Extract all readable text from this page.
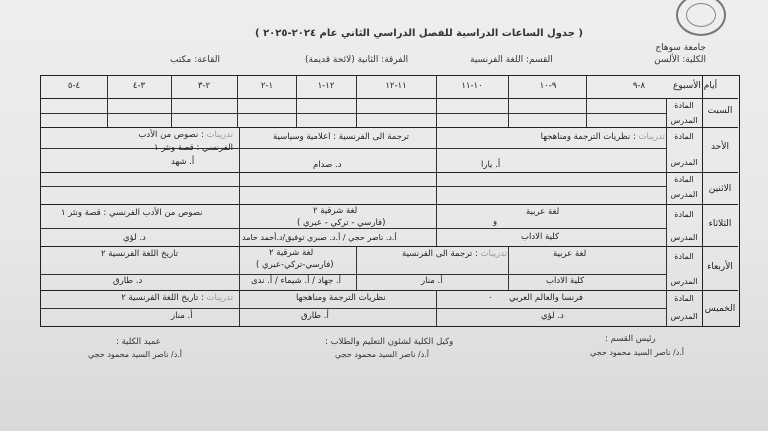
( جدول الساعات الدراسية للفصل الدراسي الثاني عام ٢٠٢٤-٢٠٢٥ )
جامعة سوهاج
الكلية: الألسن
القسم: اللغة الفرنسية
الفرقة: الثانية (لائحة قديمة)
القاعة: مكتب
٨-٩
٩-١٠
١٠-١١
١١-١٢
١٢-١
١-٢
٢-٣
٣-٤
٤-٥	أيام الأسبوع
السبت
الأحد
الاثنين
الثلاثاء
الأربعاء
الخميس
المادة
المدرس
المادة
المدرس
المادة
المدرس
المادة
المدرس
المادة
المدرس
المادة
المدرس
تدريبات : نظريات الترجمة ومناهجها
أ. يارا
ترجمة الى الفرنسية : اعلامية وسياسية
د. صدام
تدريبات : نصوص من الأدب
الفرنسي : قصة ونثر ١
أ. شهد
لغة عربية
و
كلية الاداب
لغة شرقية ٢
(فارسي - تركي - عبري )
أ.د. ناصر حجي / أ.د. صبري توفيق/د.أحمد حامد
نصوص من الأدب الفرنسي : قصة ونثر ١
د. لؤي
لغة عربية
كلية الاداب
تدريبات : ترجمة الى الفرنسية
أ. منار
لغة شرقية ٢
(فارسي-تركي-عبري )
أ. جهاد / أ. شيماء / أ. ندى
تاريخ اللغة الفرنسية ٢
د. طارق
فرنسا والعالم العربي
.
د. لؤي
نظريات الترجمة ومناهجها
أ. طارق
تدريبات : تاريخ اللغة الفرنسية ٢
أ. منار
رئيس القسم :
أ.د/ ناصر السيد محمود حجي
وكيل الكلية لشئون التعليم والطلاب :
أ.د/ ناصر السيد محمود حجي
عميد الكلية :
أ.د/ ناصر السيد محمود حجي
